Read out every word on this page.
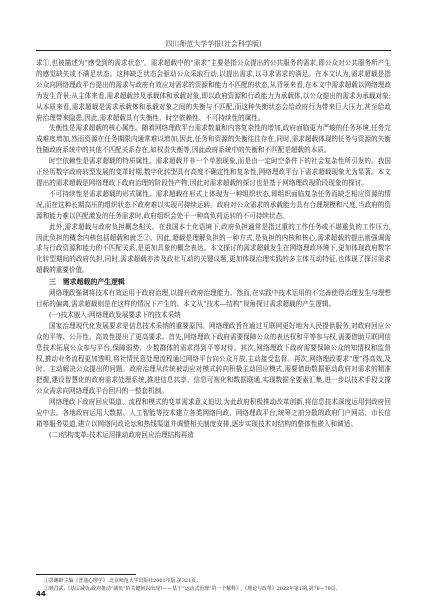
四川师范大学学报(社会科学版)

求①,也被描述为“感受到的需求状态”。需求超载中的“需求”主要是指公众提出的公共服务的需求,即公众对公共服务所产生的感觉缺失或不满足状态。这种缺乏状态会驱动公众采取行动,以提出需求,以寻求需求的满足。在本文认为,需求超载是指公众向网络理政平台提出的需求与政府有效应对需求的资源和能力不匹配的状态,从背景来看,在本文中需求超载以网络理政为发生背景;从主体来看,需求超载涉及承载体和承载对象,即以政府资源和行政能力为承载体,以公众提出的需求为承载对象;从本质来看,需求超载是需求承载体和承载对象之间的失衡与不匹配,而这种失衡状态会给政府行为带来巨大压力,甚至给政府治理带来隐患,因此,需求超载具有失衡性、时空依赖性、不可持续性的属性。

失衡性是需求超载的核心属性。随着网络理政平台需求数量和内容复杂性的增加,政府面临更为严峻的任务环境,任务完成难度增加,然而资源在任务期限内通常难以增加,因此,任务和资源的失衡往往存在,同时,需求超载体现的任务与资源的失衡性随政府系统中的其他不匹配关系存在,如权责失衡等,因此政府系统中的失衡和不匹配是超载的本质。

时空依赖性是需求超载的特质属性。需求超载并非一个单独现象,而是由一定时空条件下的社会复杂性所引发的。我国正经历数字政府转型发展的变革时期,数字化转型具有高度不确定性和复杂性,网络理政平台下需求超载现象尤为显著。本文提出的需求超载是网络理政下政府治理的阶段性产物,因此对需求超载的探讨也是基于网络理政现阶段现象的探讨。

不可持续性是需求超载的形式属性。需求超载在形式上体现为一种组织状态,即组织面临复杂任务而缺乏相应资源的情况,而在这种长期高压的组织状态下政府难以实现可持续运转。政府对公众需求的承载能力具有合理规模和尺度,当政府的资源和能力难以匹配激发的任务需求时,政府组织会处于一种高负荷运转的不可持续状态。

此外,需求超载与政府负担概念相关。在我国本土化语境下,政府负担通常是指过重的工作任务或不堪重负的工作压力,因此负担的概念内核包括超载和就乏②。因此,超载是理解负担的一种方式,是负担的内核和核心,需求超载的提出则强调需求与行政资源和能力的不匹配关系,是更加具象的概念表达。本文探讨的需求超载发生在网络理政环境下,更加体现政府数字化转型期间的政府负担,同时,需求超载亦涉及政社互动的关键议题,更加体现治理实践的多主体互动特征,也体现了探讨需求超载的重要价值。

三　需求超载的产生逻辑

网络理政强调将技术有效运用于政府治理,以提升政府治理能力。然而,在实践中技术运用的不完善使得治理发生与理想目标的偏离,需求超载则是在这样的情况下产生的。本文从“技术—结构”视角探讨需求超载的产生逻辑。

(一)技术嵌入:网络理政发展要求下的技术采纳

国家治理现代化发展要求是信息技术采纳的重要原因。网络理政旨在通过互联网更好地为人民提供服务,对政府回应公众的平等、公开性、高效性提出了更高要求。首先,网络理政下政府需要保障公众的表达权和平等参与权,需要借助互联网信息技术拓展公众参与平台,保障弱势、少数群体的需求得到平等对待。其次,网络理政下政府需要保障公众的知情权和监督权,推动业务流程更加透明,将社情民意处理流程通过网络平台向公众开放,主动接受监督。再次,网络理政要求“理”得高效,及时、主动解决公众提出的问题。政府治理从传统被动应对模式转向积极主动回应模式,需要借助数据驱动政府对需求的精准把握,建设智慧化的政府需求处理系统,推进信息共享、信息可视化和数据联通,实现数据全要素汇集,进一步以技术手段支撑公众需求向网络理政平台回归的一整套机制。

网络理政下政府回应渠道、流程和模式的变革需求意义迫切,为此政府积极推动改革创新,将信息技术深度运用到政府回应中去。各地政府运用大数据、人工智能等技术建立各类网络问政、网络理政平台,统筹之前分散的政府门户网站、市长信箱等服务渠道,建立以网络问政论坛和热线渠道并调整相关制度安排,逐步实现技术对结构的整体性嵌入和调适。

(二)结构变革:技术运用推动政府回应治理结构再造

①彭聃龄主编《普通心理学》,北京师范大学出版社2001年版,第321页。

②颜昌武:《基层减负:政府推动“减负”的关键何以出现?——基于“运动式治理”的一个解释》,《理论与改革》2022年第1期,第78—79页。

44
